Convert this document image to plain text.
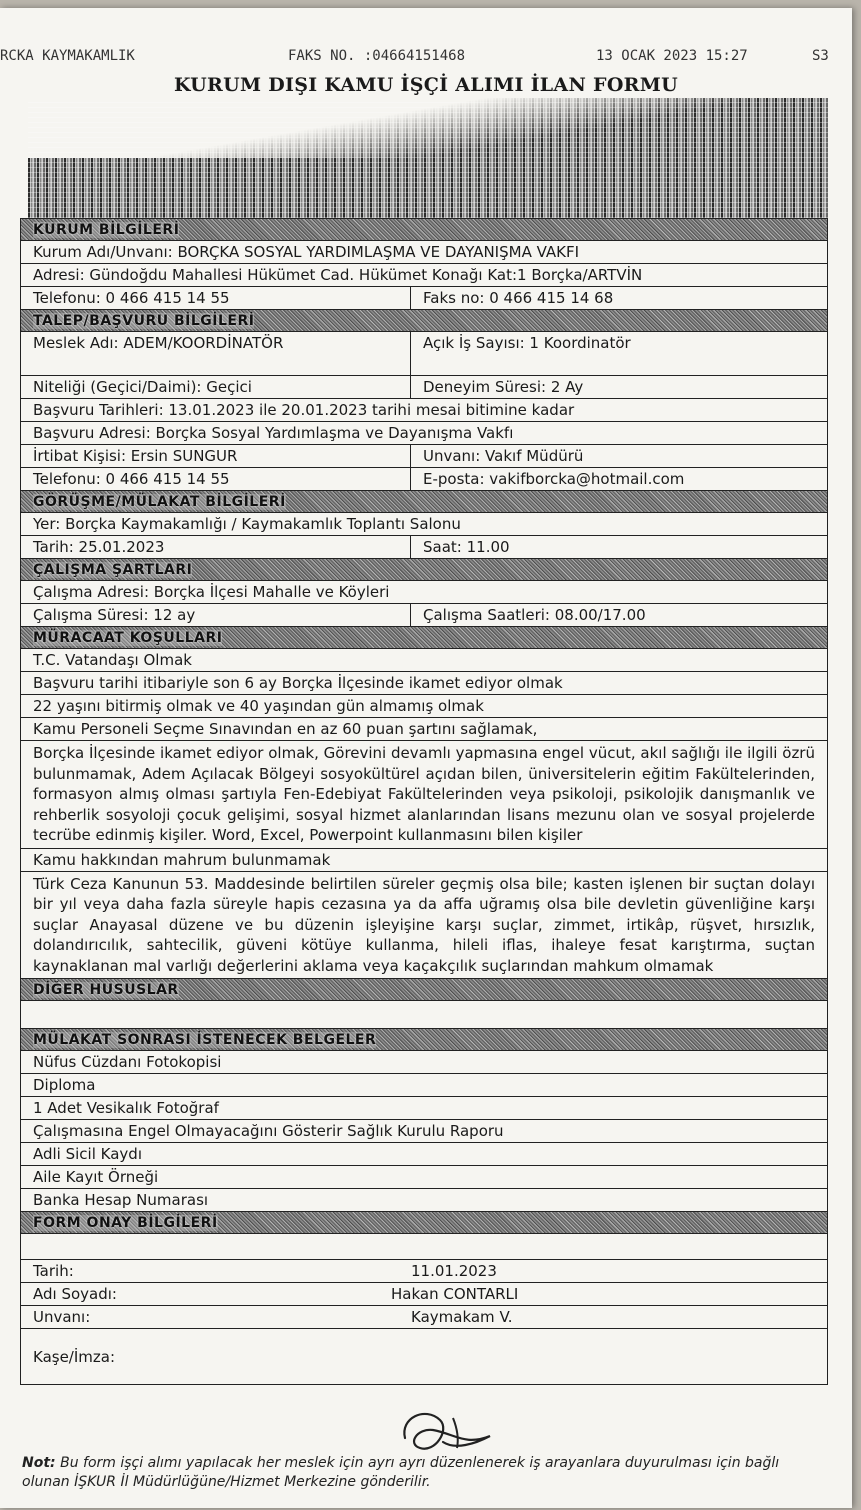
RCKA KAYMAKAMLIK	FAKS NO. :04664151468	13 OCAK 2023 15:27	S3
KURUM DIŞI KAMU İŞÇİ ALIMI İLAN FORMU
KURUM BİLGİLERİ
Kurum Adı/Unvanı: BORÇKA SOSYAL YARDIMLAŞMA VE DAYANIŞMA VAKFI
Adresi: Gündoğdu Mahallesi Hükümet Cad. Hükümet Konağı Kat:1 Borçka/ARTVİN
Telefonu: 0 466 415 14 55	Faks no: 0 466 415 14 68
TALEP/BAŞVURU BİLGİLERİ
Meslek Adı: ADEM/KOORDİNATÖR	Açık İş Sayısı: 1 Koordinatör
Niteliği (Geçici/Daimi): Geçici	Deneyim Süresi: 2 Ay
Başvuru Tarihleri: 13.01.2023 ile 20.01.2023 tarihi mesai bitimine kadar
Başvuru Adresi: Borçka Sosyal Yardımlaşma ve Dayanışma Vakfı
İrtibat Kişisi: Ersin SUNGUR	Unvanı: Vakıf Müdürü
Telefonu: 0 466 415 14 55	E-posta: vakifborcka@hotmail.com
GÖRÜŞME/MÜLAKAT BİLGİLERİ
Yer: Borçka Kaymakamlığı / Kaymakamlık Toplantı Salonu
Tarih: 25.01.2023	Saat: 11.00
ÇALIŞMA ŞARTLARI
Çalışma Adresi: Borçka İlçesi Mahalle ve Köyleri
Çalışma Süresi: 12 ay	Çalışma Saatleri: 08.00/17.00
MÜRACAAT KOŞULLARI
T.C. Vatandaşı Olmak
Başvuru tarihi itibariyle son 6 ay Borçka İlçesinde ikamet ediyor olmak
22 yaşını bitirmiş olmak ve 40 yaşından gün almamış olmak
Kamu Personeli Seçme Sınavından en az 60 puan şartını sağlamak,
Borçka İlçesinde ikamet ediyor olmak, Görevini devamlı yapmasına engel vücut, akıl sağlığı ile ilgili özrü bulunmamak, Adem Açılacak Bölgeyi sosyokültürel açıdan bilen, üniversitelerin eğitim Fakültelerinden, formasyon almış olması şartıyla Fen-Edebiyat Fakültelerinden veya psikoloji, psikolojik danışmanlık ve rehberlik sosyoloji çocuk gelişimi, sosyal hizmet alanlarından lisans mezunu olan ve sosyal projelerde tecrübe edinmiş kişiler. Word, Excel, Powerpoint kullanmasını bilen kişiler
Kamu hakkından mahrum bulunmamak
Türk Ceza Kanunun 53. Maddesinde belirtilen süreler geçmiş olsa bile; kasten işlenen bir suçtan dolayı bir yıl veya daha fazla süreyle hapis cezasına ya da affa uğramış olsa bile devletin güvenliğine karşı suçlar Anayasal düzene ve bu düzenin işleyişine karşı suçlar, zimmet, irtikâp, rüşvet, hırsızlık, dolandırıcılık, sahtecilik, güveni kötüye kullanma, hileli iflas, ihaleye fesat karıştırma, suçtan kaynaklanan mal varlığı değerlerini aklama veya kaçakçılık suçlarından mahkum olmamak
DİĞER HUSUSLAR
MÜLAKAT SONRASI İSTENECEK BELGELER
Nüfus Cüzdanı Fotokopisi
Diploma
1 Adet Vesikalık Fotoğraf
Çalışmasına Engel Olmayacağını Gösterir Sağlık Kurulu Raporu
Adli Sicil Kaydı
Aile Kayıt Örneği
Banka Hesap Numarası
FORM ONAY BİLGİLERİ
Tarih:	11.01.2023
Adı Soyadı:	Hakan CONTARLI
Unvanı:	Kaymakam V.
Kaşe/İmza:
Not: Bu form işçi alımı yapılacak her meslek için ayrı ayrı düzenlenerek iş arayanlara duyurulması için bağlı olunan İŞKUR İl Müdürlüğüne/Hizmet Merkezine gönderilir.
